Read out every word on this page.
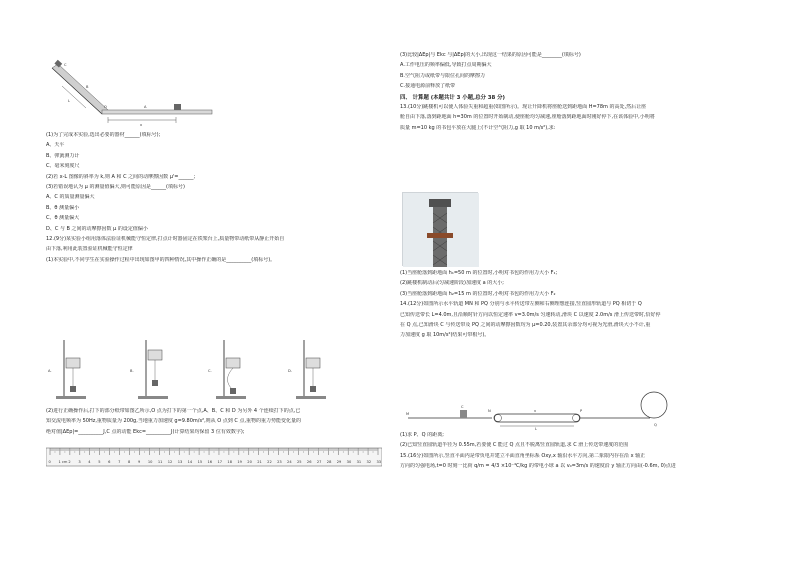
C
B
L
O	A
x
(1)为了完成本实验,选出必要的器材______(填标号);
A、天平
B、弹簧测力计
C、毫米刻度尺
(2)若 x-L 图像的斜率为 k,则 A 和 C 之间的动摩擦因数 μ'=______;
(3)若错误地认为 μ 的测量值偏大,则可能原因是______(填标号)
A、C 的质量测量偏大
B、θ 测量偏小
C、θ 测量偏大
D、C 与 B 之间的动摩擦因数 μ 的设定值偏小
12.(9分)某实验小组用落体法验证机械能守恒定律,打点计时器固定在铁架台上,质量物带动纸带从静止开始自
由下落,利用此装置验证机械能守恒定律
(1)本实验中,不同学生在实验操作过程中出现如图甲的四种情况,其中操作正确的是__________(填标号)。
A.	B.	C.	D.
(2)进行正确操作后,打下的部分纸带如图乙所示,O 点为打下的第一个点,A、B、C 和 D 为另外 4 个连续打下的点,已
知交流电频率为 50Hz,重物质量为 200g,当地重力加速度 g=9.80m/s²,则从 O 点到 C 点,重物的重力势能变化量的
绝对值|ΔEp|=__________J,C 点的动能 Ekc=__________J(计算结果均保留 3 位有效数字);
0 1 2 3 4 5 6 7 8 9 10 11 12 13 14 15 16 17 18 19 20 21 22 23 24 25 26 27 28 29 30 31 32 33
cm
(3)比较|ΔEp|与 Ekc 与|ΔEp|的大小,出现这一结果的原因可能是________(填标号)
A.工作电压的频率偏低,导致打点周期偏大
B.空气阻力或纸带与限位孔间的摩擦力
C.接通电源前释放了纸带
四、 计算题 (本题共计 3 小题,总分 38 分)
13.(10分)跳楼机可以使人体验失重和超重(如图所示)。现让升降机将座舱送到距地面 H=78m 的高处,然后让座
舱自由下落,落到距地面 h=30m 的位置时开始制动,使座舱均匀减速,座舱落到距地面时刚好停下,在该体验中,小明将
质量 m=10 kg 的书包平放在大腿上(不计空气阻力,g 取 10 m/s²),求:
(1)当座舱落到距地面 h₁=50 m 的位置时,小明对书包的作用力大小 F₁;
(2)跳楼机制动后(匀减速阶段)加速度 a 的大小;
(3)当座舱落到距地面 h₂=15 m 的位置时,小明对书包的作用力大小 F₂
14.(12分)如图所示水平轨道 MN 和 PQ 分别与水平传送带左侧和右侧理想连接,竖直圆形轨道与 PQ 相切于 Q
已知传送带长 L=4.0m,且沿顺时针方向以恒定速率 v=3.0m/s 匀速转动,滑块 C 以速度 2.0m/s 滑上传送带时,恰好停
在 Q 点,已知滑块 C 与传送带及 PQ 之间的动摩擦因数均为 μ=0.20,装置其余部分均可视为光滑,滑块大小不计,重
力加速度 g 取 10m/s²(结果可带根号)。
M
C
N	v	P
L
Q
(1)求 P、Q 的距离;
(2)已知竖直圆轨道半径为 0.55m,若要使 C 能过 Q 点且不脱离竖直圆轨道,求 C 滑上传送带速度的范围
15.(16分)如图所示,竖直平面内是带负电并建立平面直角坐标系 Oxy,x 轴沿水平方向,第二象限内存在沿 x 轴正
方向的匀强电场,t=0 时刻一比荷 q/m = 4/3 ×10⁻⁴C/kg 的带电小球 a 以 v₀=3m/s 的速度沿 y 轴正方向由(-0.6m, 0)点进
